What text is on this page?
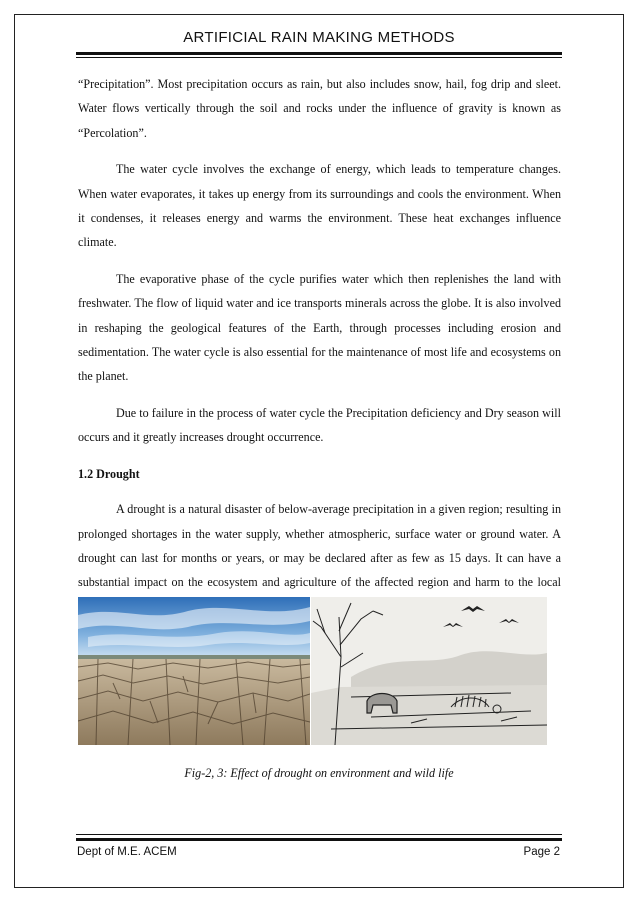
ARTIFICIAL RAIN MAKING METHODS

“Precipitation”. Most precipitation occurs as rain, but also includes snow, hail, fog drip and sleet. Water flows vertically through the soil and rocks under the influence of gravity is known as “Percolation”.

The water cycle involves the exchange of energy, which leads to temperature changes. When water evaporates, it takes up energy from its surroundings and cools the environment. When it condenses, it releases energy and warms the environment. These heat exchanges influence climate.

The evaporative phase of the cycle purifies water which then replenishes the land with freshwater. The flow of liquid water and ice transports minerals across the globe. It is also involved in reshaping the geological features of the Earth, through processes including erosion and sedimentation. The water cycle is also essential for the maintenance of most life and ecosystems on the planet.

Due to failure in the process of water cycle the Precipitation deficiency and Dry season will occurs and it greatly increases drought occurrence.

1.2 Drought

A drought is a natural disaster of below-average precipitation in a given region; resulting in prolonged shortages in the water supply, whether atmospheric, surface water or ground water. A drought can last for months or years, or may be declared after as few as 15 days. It can have a substantial impact on the ecosystem and agriculture of the affected region and harm to the local

Fig-2, 3: Effect of drought on environment and wild life
Dept of M.E. ACEM	Page 2
